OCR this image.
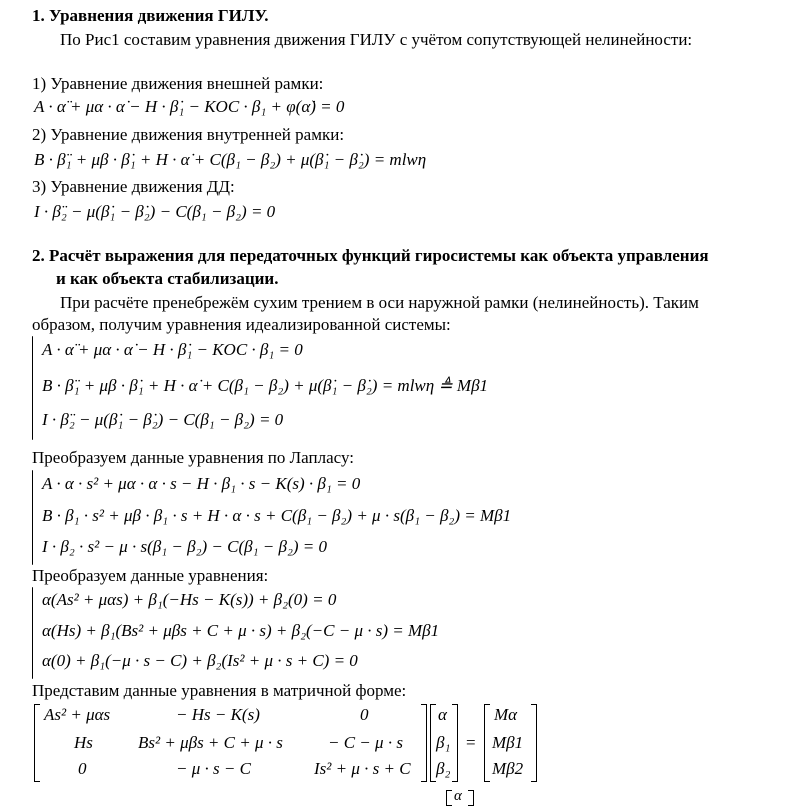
1. Уравнения движения ГИЛУ.
По Рис1 составим уравнения движения ГИЛУ с учётом сопутствующей нелинейности:
1) Уравнение движения внешней рамки:
A · α̈ + μα · α̇ − H · β̇₁ − KOC · β₁ + φ(α̇) = 0
2) Уравнение движения внутренней рамки:
B · β̈₁ + μβ · β̇₁ + H · α̇ + C(β₁ − β₂) + μ(β̇₁ − β̇₂) = mlwη
3) Уравнение движения ДД:
I · β̈₂ − μ(β̇₁ − β̇₂) − C(β₁ − β₂) = 0
2. Расчёт выражения для передаточных функций гиросистемы как объекта управления
и как объекта стабилизации.
При расчёте пренебрежём сухим трением в оси наружной рамки (нелинейность). Таким
образом, получим уравнения идеализированной системы:
A · α̈ + μα · α̇ − H · β̇₁ − KOC · β₁ = 0
B · β̈₁ + μβ · β̇₁ + H · α̇ + C(β₁ − β₂) + μ(β̇₁ − β̇₂) = mlwη ≜ Mβ1
I · β̈₂ − μ(β̇₁ − β̇₂) − C(β₁ − β₂) = 0
Преобразуем данные уравнения по Лапласу:
A · α · s² + μα · α · s − H · β₁ · s − K(s) · β₁ = 0
B · β₁ · s² + μβ · β₁ · s + H · α · s + C(β₁ − β₂) + μ · s(β₁ − β₂) = Mβ1
I · β₂ · s² − μ · s(β₁ − β₂) − C(β₁ − β₂) = 0
Преобразуем данные уравнения:
α(As² + μαs) + β₁(−Hs − K(s)) + β₂(0) = 0
α(Hs) + β₁(Bs² + μβs + C + μ · s) + β₂(−C − μ · s) = Mβ1
α(0) + β₁(−μ · s − C) + β₂(Is² + μ · s + C) = 0
Представим данные уравнения в матричной форме:
As² + μαs	− Hs − K(s)	0
Hs	Bs² + μβs + C + μ · s	− C − μ · s
0	− μ · s − C	Is² + μ · s + C
α
β₁
β₂
=
Mα
Mβ1
Mβ2
α
